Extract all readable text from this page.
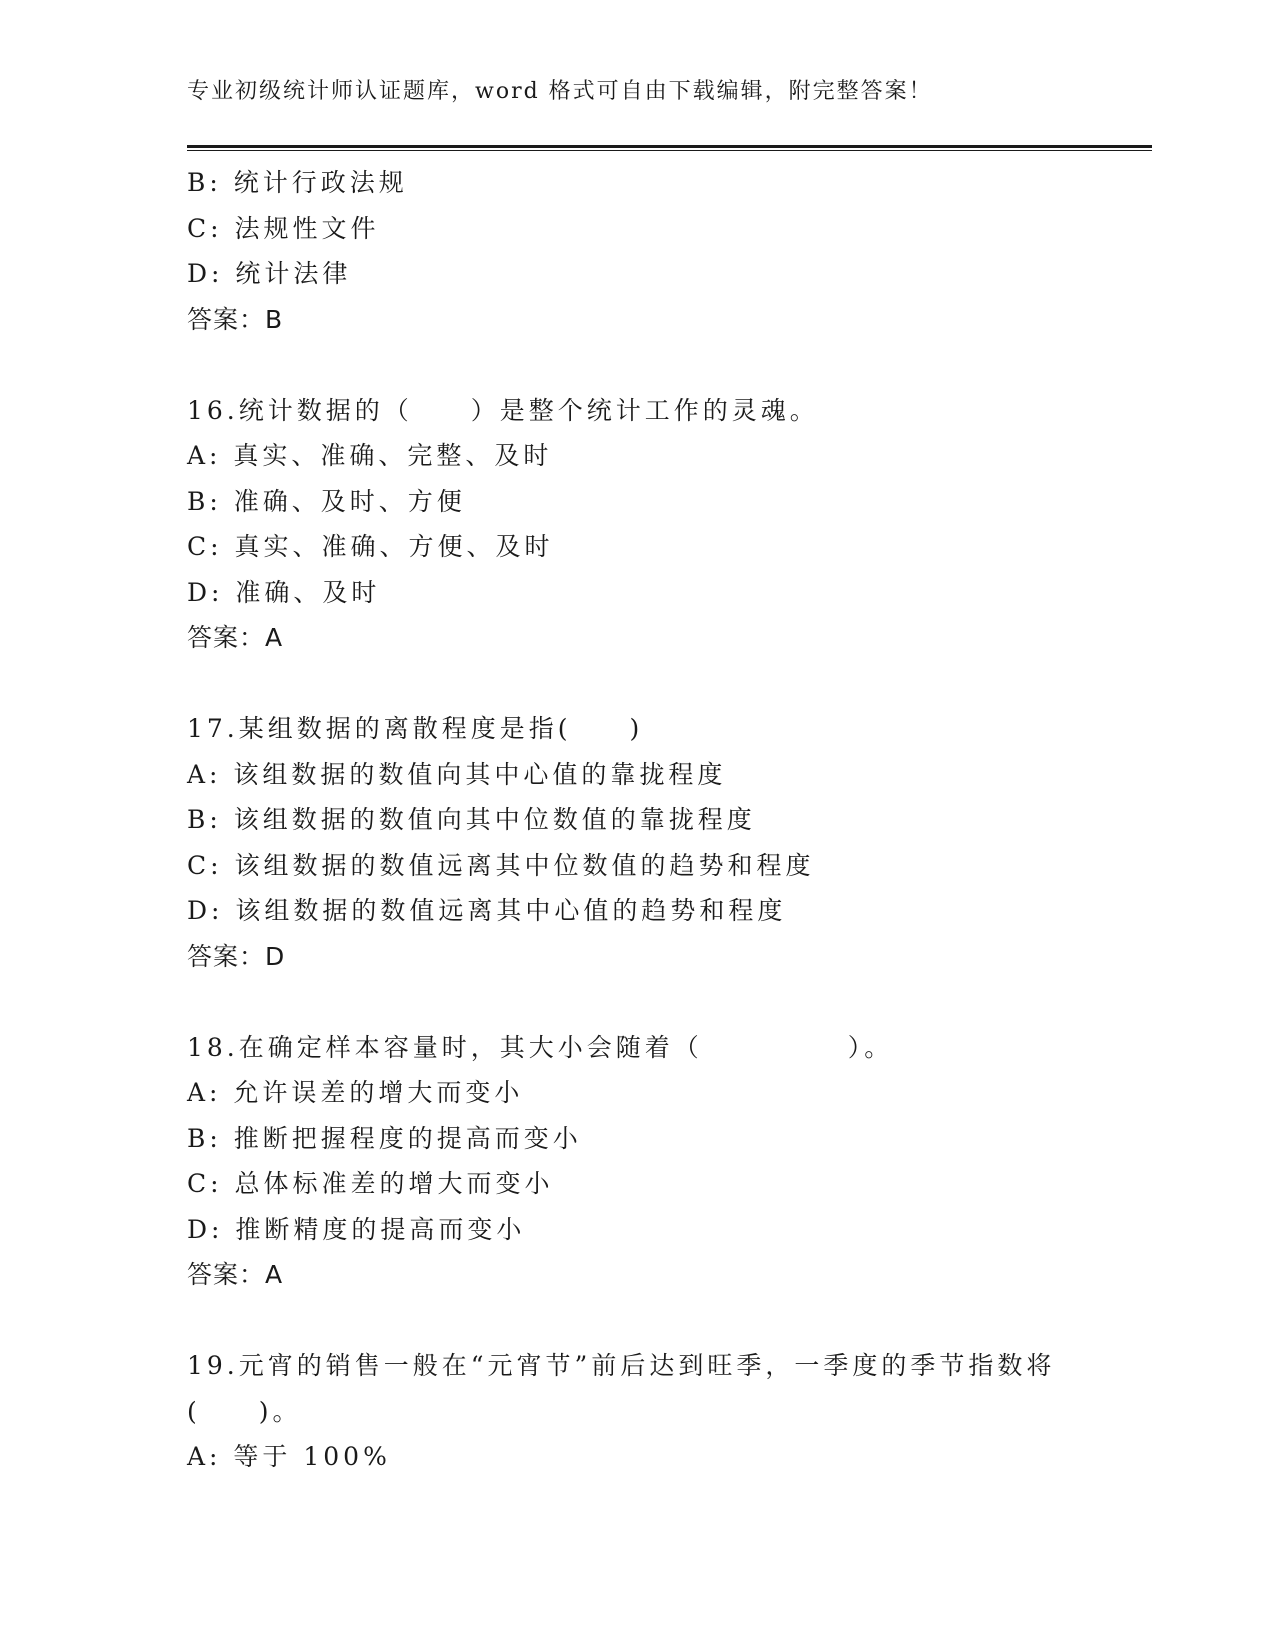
专业初级统计师认证题库，word 格式可自由下载编辑，附完整答案！
B: 统计行政法规
C: 法规性文件
D: 统计法律
答案：B
16.统计数据的（　　）是整个统计工作的灵魂。
A: 真实、准确、完整、及时
B: 准确、及时、方便
C: 真实、准确、方便、及时
D: 准确、及时
答案：A
17.某组数据的离散程度是指(　　)
A: 该组数据的数值向其中心值的靠拢程度
B: 该组数据的数值向其中位数值的靠拢程度
C: 该组数据的数值远离其中位数值的趋势和程度
D: 该组数据的数值远离其中心值的趋势和程度
答案：D
18.在确定样本容量时，其大小会随着（　　　　　）。
A: 允许误差的增大而变小
B: 推断把握程度的提高而变小
C: 总体标准差的增大而变小
D: 推断精度的提高而变小
答案：A
19.元宵的销售一般在“元宵节”前后达到旺季，一季度的季节指数将
(　　)。
A: 等于 100%
